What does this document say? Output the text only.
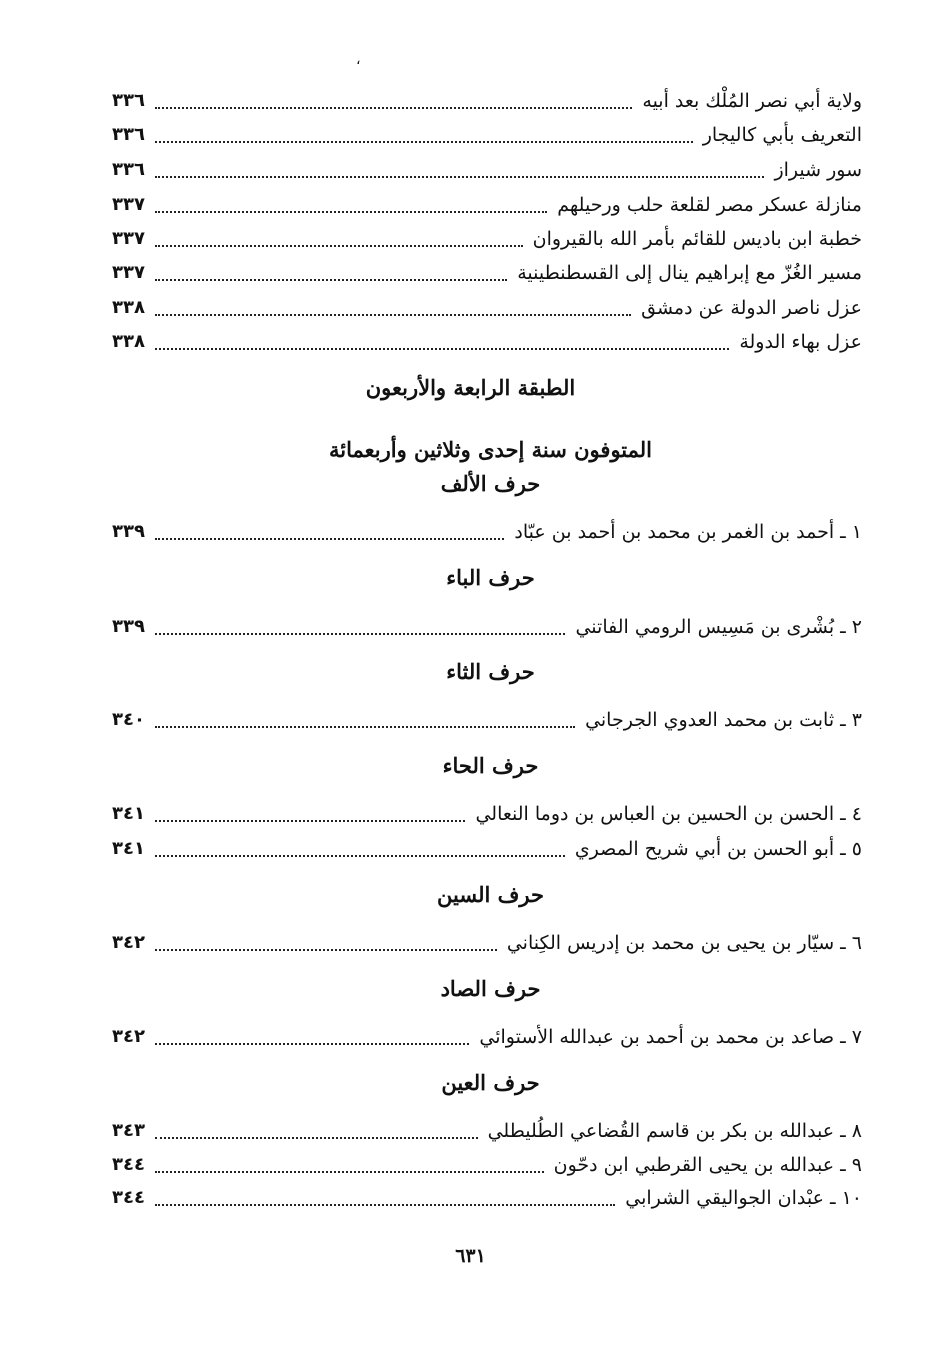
،
ولاية أبي نصر المُلْك بعد أبيه
٣٣٦
التعريف بأبي كاليجار
٣٣٦
سور شيراز
٣٣٦
منازلة عسكر مصر لقلعة حلب ورحيلهم
٣٣٧
خطبة ابن باديس للقائم بأمر الله بالقيروان
٣٣٧
مسير الغُزّ مع إبراهيم ينال إلى القسطنطينية
٣٣٧
عزل ناصر الدولة عن دمشق
٣٣٨
عزل بهاء الدولة
٣٣٨
الطبقة الرابعة والأربعون
المتوفون سنة إحدى وثلاثين وأربعمائة
حرف الألف
١ ـ أحمد بن الغمر بن محمد بن أحمد بن عبّاد
٣٣٩
حرف الباء
٢ ـ بُشْرى بن مَسِيس الرومي الفاتني
٣٣٩
حرف الثاء
٣ ـ ثابت بن محمد العدوي الجرجاني
٣٤٠
حرف الحاء
٤ ـ الحسن بن الحسين بن العباس بن دوما النعالي
٣٤١
٥ ـ أبو الحسن بن أبي شريح المصري
٣٤١
حرف السين
٦ ـ سيّار بن يحيى بن محمد بن إدريس الكِناني
٣٤٢
حرف الصاد
٧ ـ صاعد بن محمد بن أحمد بن عبدالله الأستوائي
٣٤٢
حرف العين
٨ ـ عبدالله بن بكر بن قاسم القُضاعي الطُليطلي
٣٤٣
٩ ـ عبدالله بن يحيى القرطبي ابن دحّون
٣٤٤
١٠ ـ عبْدان الجواليقي الشرابي
٣٤٤
٦٣١
